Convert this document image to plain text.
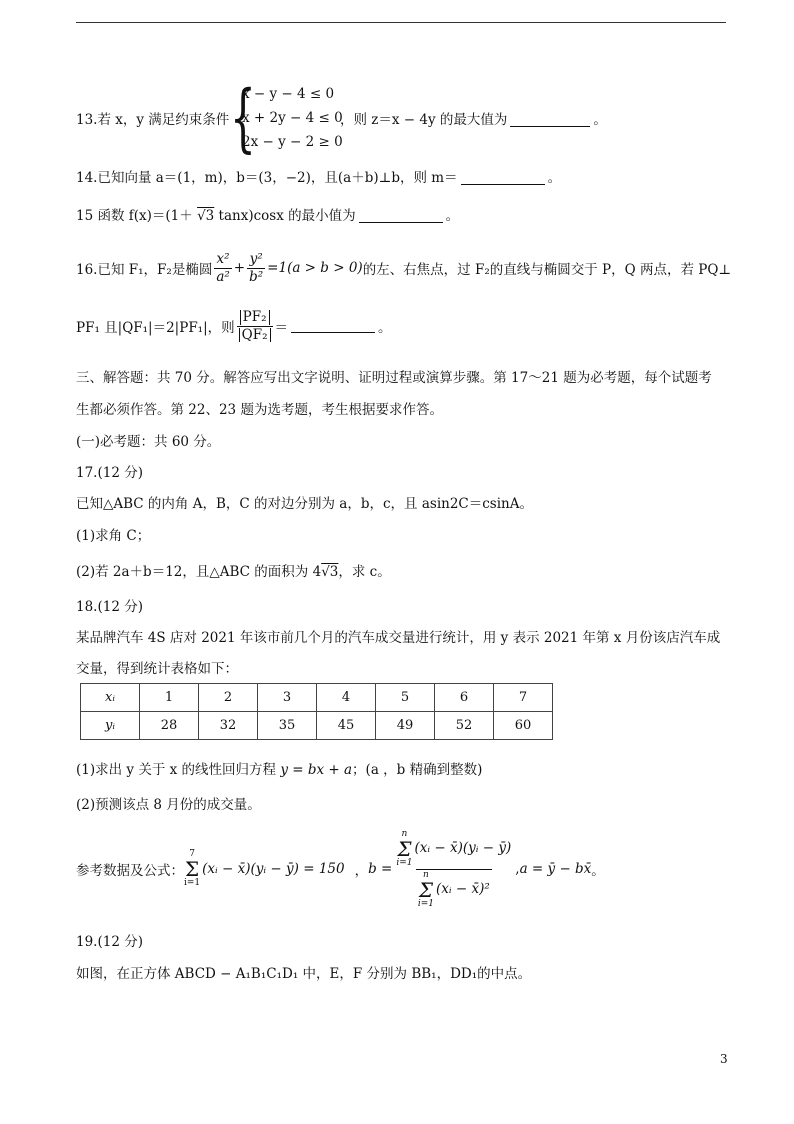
13.若 x，y 满足约束条件 {
x − y − 4 ≤ 0
x + 2y − 4 ≤ 0
2x − y − 2 ≥ 0
，则 z＝x − 4y 的最大值为	。
14.已知向量 a＝(1，m)，b＝(3，−2)，且(a＋b)⊥b，则 m＝	。
15 函数 f(x)＝(1＋ √3 tanx)cosx 的最小值为	。
16.已知 F₁，F₂是椭圆 $\frac{\text{x²}}{\text{a²}} + \frac{\text{y²}}{\text{b²}} =1(a > b > 0)$ 的左、右焦点，过 F₂的直线与椭圆交于 P，Q 两点，若 PQ⊥
PF₁ 且|QF₁|＝2|PF₁|，则 $\frac{\text{PF₂}}{\text{QF₂}}$ ＝	。
三、解答题：共 70 分。解答应写出文字说明、证明过程或演算步骤。第 17～21 题为必考题，每个试题考
生都必须作答。第 22、23 题为选考题，考生根据要求作答。
(一)必考题：共 60 分。
17.(12 分)
已知△ABC 的内角 A，B，C 的对边分别为 a，b，c，且 asin2C＝csinA。
(1)求角 C；
(2)若 2a＋b＝12，且△ABC 的面积为 4√3，求 c。
18.(12 分)
某品牌汽车 4S 店对 2021 年该市前几个月的汽车成交量进行统计，用 y 表示 2021 年第 x 月份该店汽车成
交量，得到统计表格如下：
xᵢ	1	2	3	4	5	6	7
yᵢ	28	32	35	45	49	52	60
(1)求出 y 关于 x 的线性回归方程 y = bx + a；(a ，b 精确到整数)
(2)预测该点 8 月份的成交量。
参考数据及公式：
7
Σ
i=1
(xᵢ − x̄)(yᵢ − ȳ) = 150 ， b = n
Σ
i=1
(xᵢ − x̄)(yᵢ − ȳ)
n
Σ
i=1
(xᵢ − x̄)² , a = ȳ − bx̄ 。
19.(12 分)
如图，在正方体 ABCD − A₁B₁C₁D₁ 中，E，F 分别为 BB₁，DD₁的中点。
3
